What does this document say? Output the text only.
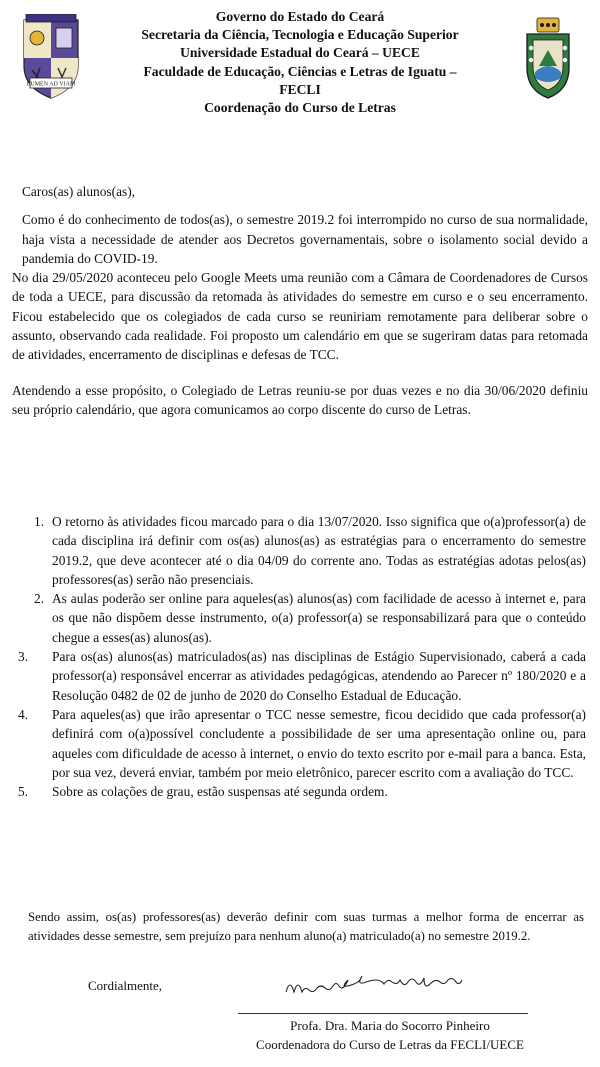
LUMEN AD VIAM
Governo do Estado do Ceará
Secretaria da Ciência, Tecnologia e Educação Superior
Universidade Estadual do Ceará – UECE
Faculdade de Educação, Ciências e Letras de Iguatu –
FECLI
Coordenação do Curso de Letras

Caros(as) alunos(as),

Como é do conhecimento de todos(as), o semestre 2019.2 foi interrompido no curso de sua normalidade, haja vista a necessidade de atender aos Decretos governamentais, sobre o isolamento social devido a pandemia do COVID-19.

No dia 29/05/2020 aconteceu pelo Google Meets uma reunião com a Câmara de Coordenadores de Cursos de toda a UECE, para discussão da retomada às atividades do semestre em curso e o seu encerramento. Ficou estabelecido que os colegiados de cada curso se reuniriam remotamente para deliberar sobre o assunto, observando cada realidade. Foi proposto um calendário em que se sugeriram datas para retomada de atividades, encerramento de disciplinas e defesas de TCC.

Atendendo a esse propósito, o Colegiado de Letras reuniu-se por duas vezes e no dia 30/06/2020 definiu seu próprio calendário, que agora comunicamos ao corpo discente do curso de Letras.

1. O retorno às atividades ficou marcado para o dia 13/07/2020. Isso significa que o(a)professor(a) de cada disciplina irá definir com os(as) alunos(as) as estratégias para o encerramento do semestre 2019.2, que deve acontecer até o dia 04/09 do corrente ano. Todas as estratégias adotas pelos(as) professores(as) serão não presenciais.

2. As aulas poderão ser online para aqueles(as) alunos(as) com facilidade de acesso à internet e, para os que não dispõem desse instrumento, o(a) professor(a) se responsabilizará para que o conteúdo chegue a esses(as) alunos(as).

3. Para os(as) alunos(as) matriculados(as) nas disciplinas de Estágio Supervisionado, caberá a cada professor(a) responsável encerrar as atividades pedagógicas, atendendo ao Parecer nº 180/2020 e a Resolução 0482 de 02 de junho de 2020 do Conselho Estadual de Educação.

4. Para aqueles(as) que irão apresentar o TCC nesse semestre, ficou decidido que cada professor(a) definirá com o(a)possível concludente a possibilidade de ser uma apresentação online ou, para aqueles com dificuldade de acesso à internet, o envio do texto escrito por e-mail para a banca. Esta, por sua vez, deverá enviar, também por meio eletrônico, parecer escrito com a avaliação do TCC.

5. Sobre as colações de grau, estão suspensas até segunda ordem.

Sendo assim, os(as) professores(as) deverão definir com suas turmas a melhor forma de encerrar as atividades desse semestre, sem prejuízo para nenhum aluno(a) matriculado(a) no semestre 2019.2.
Cordialmente,
Profa. Dra. Maria do Socorro Pinheiro
Coordenadora do Curso de Letras da FECLI/UECE
